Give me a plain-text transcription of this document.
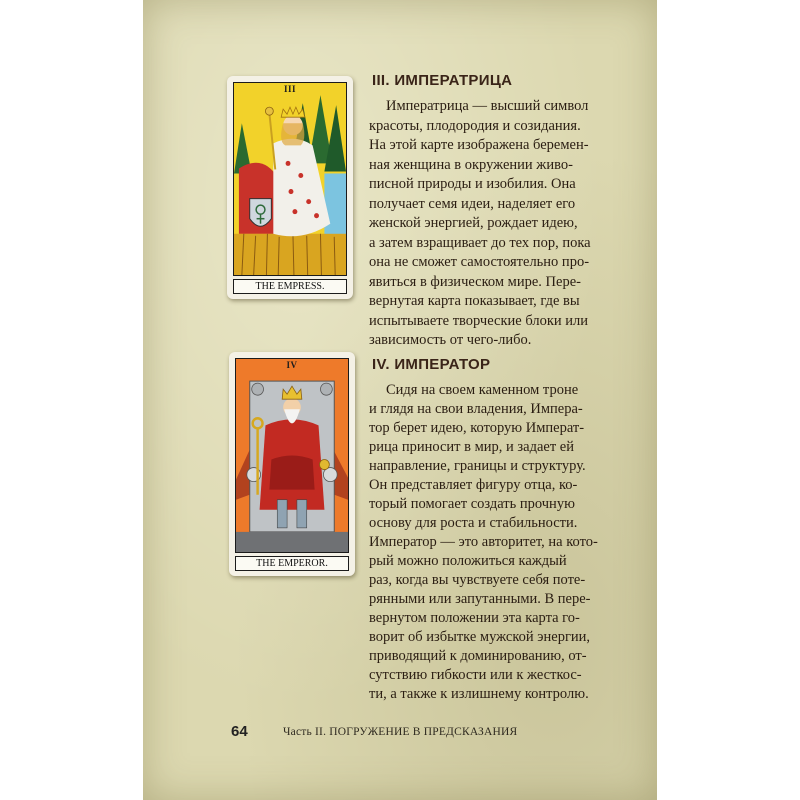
III
THE EMPRESS.
IV
THE EMPEROR.
III. ИМПЕРАТРИЦА

Императрица — высший символ

красоты, плодородия и созидания.

На этой карте изображена беремен-

ная женщина в окружении живо-

писной природы и изобилия. Она

получает семя идеи, наделяет его

женской энергией, рождает идею,

а затем взращивает до тех пор, пока

она не сможет самостоятельно про-

явиться в физическом мире. Пере-

вернутая карта показывает, где вы

испытываете творческие блоки или

зависимость от чего-либо.

IV. ИМПЕРАТОР

Сидя на своем каменном троне

и глядя на свои владения, Импера-

тор берет идею, которую Императ-

рица приносит в мир, и задает ей

направление, границы и структуру.

Он представляет фигуру отца, ко-

торый помогает создать прочную

основу для роста и стабильности.

Император — это авторитет, на кото-

рый можно положиться каждый

раз, когда вы чувствуете себя поте-

рянными или запутанными. В пере-

вернутом положении эта карта го-

ворит об избытке мужской энергии,

приводящий к доминированию, от-

сутствию гибкости или к жесткос-

ти, а также к излишнему контролю.

64	Часть II. ПОГРУЖЕНИЕ В ПРЕДСКАЗАНИЯ
